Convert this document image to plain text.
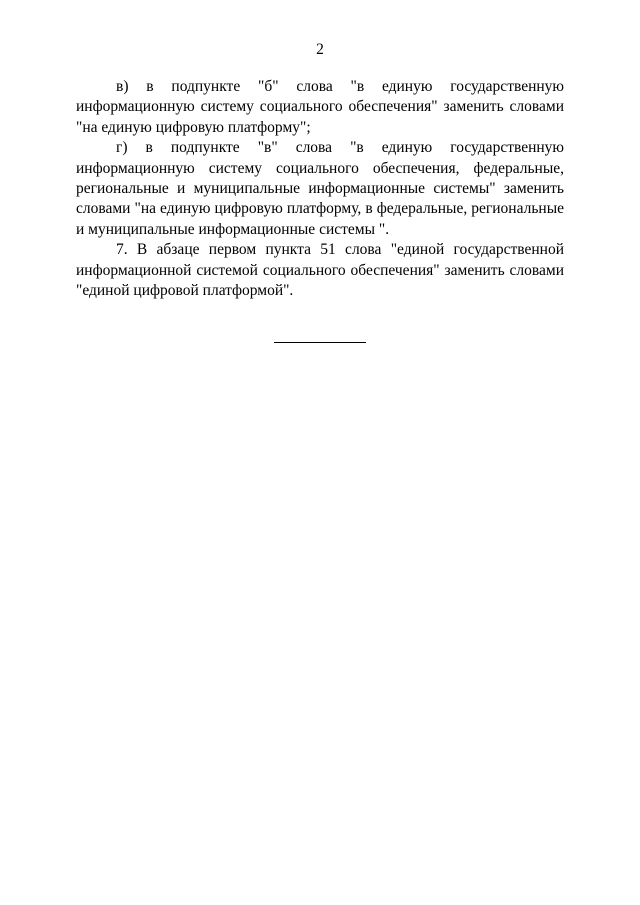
2

в) в подпункте "б" слова "в единую государственную информационную систему социального обеспечения" заменить словами "на единую цифровую платформу";

г) в подпункте "в" слова "в единую государственную информационную систему социального обеспечения, федеральные, региональные и муниципальные информационные системы" заменить словами "на единую цифровую платформу, в федеральные, региональные и муниципальные информационные системы ".

7. В абзаце первом пункта 51 слова "единой государственной информационной системой социального обеспечения" заменить словами "единой цифровой платформой".
